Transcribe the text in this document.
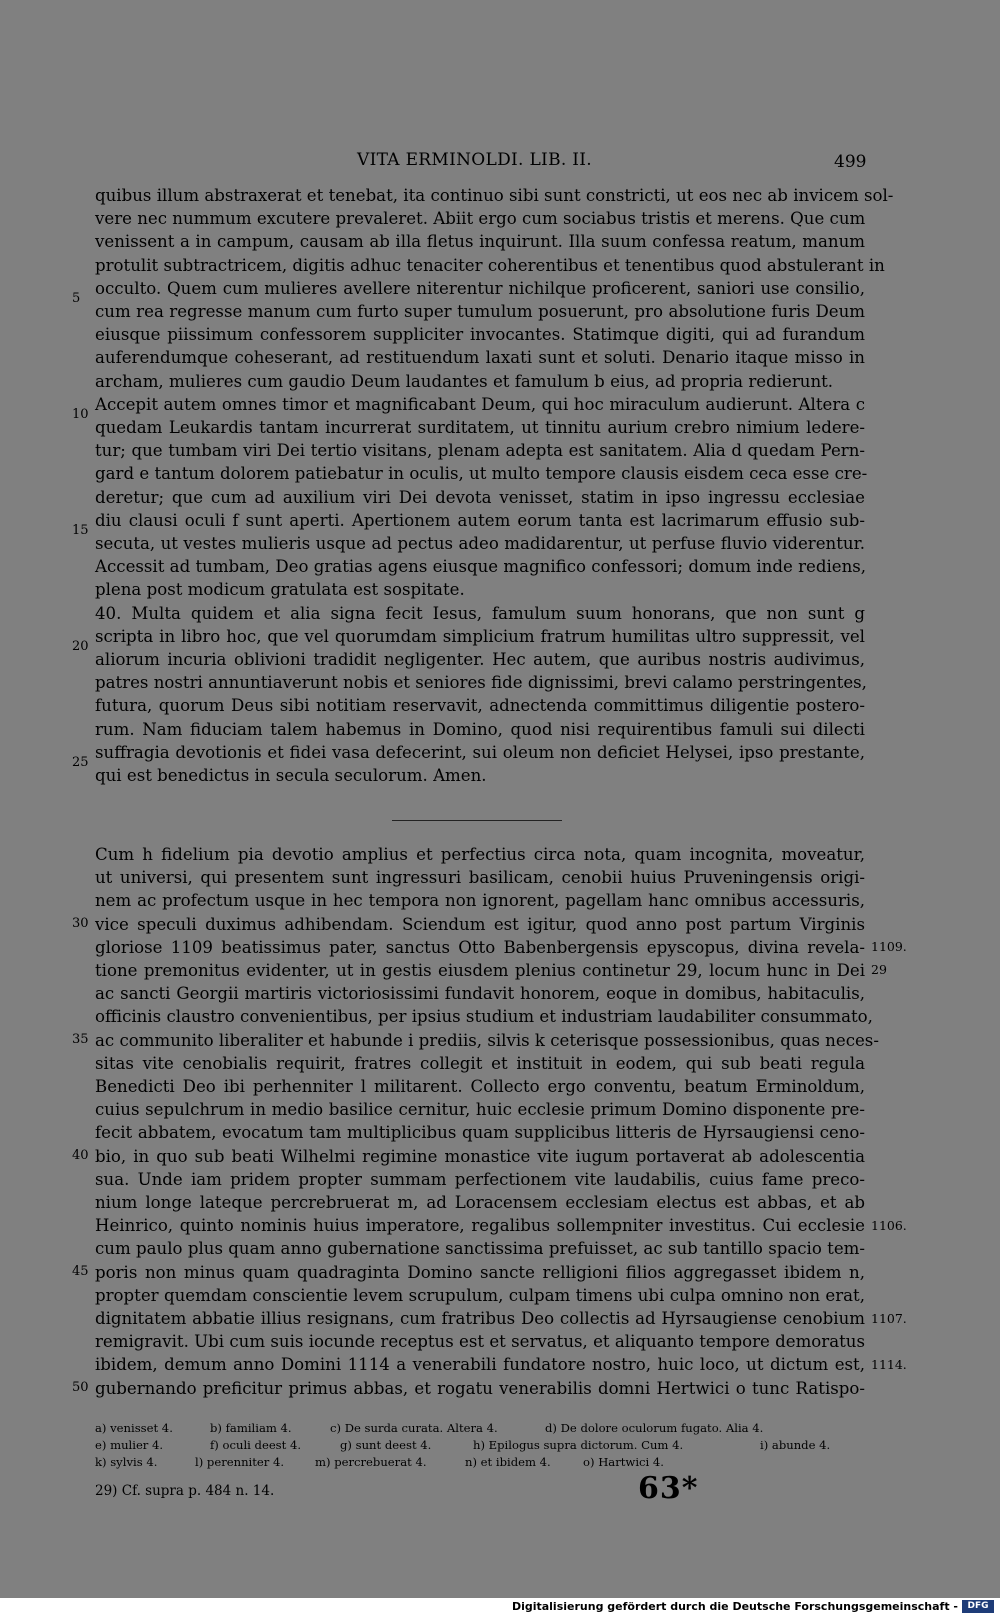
VITA ERMINOLDI. LIB. II.	499
quibus illum abstraxerat et tenebat, ita continuo sibi sunt constricti, ut eos nec ab invicem sol-
vere nec nummum excutere prevaleret. Abiit ergo cum sociabus tristis et merens. Que cum
venissent a in campum, causam ab illa fletus inquirunt. Illa suum confessa reatum, manum
protulit subtractricem, digitis adhuc tenaciter coherentibus et tenentibus quod abstulerant in
occulto. Quem cum mulieres avellere niterentur nichilque proficerent, saniori use consilio,
cum rea regresse manum cum furto super tumulum posuerunt, pro absolutione furis Deum
eiusque piissimum confessorem suppliciter invocantes. Statimque digiti, qui ad furandum
auferendumque coheserant, ad restituendum laxati sunt et soluti. Denario itaque misso in
archam, mulieres cum gaudio Deum laudantes et famulum b eius, ad propria redierunt.
Accepit autem omnes timor et magnificabant Deum, qui hoc miraculum audierunt. Altera c
quedam Leukardis tantam incurrerat surditatem, ut tinnitu aurium crebro nimium ledere-
tur; que tumbam viri Dei tertio visitans, plenam adepta est sanitatem. Alia d quedam Pern-
gard e tantum dolorem patiebatur in oculis, ut multo tempore clausis eisdem ceca esse cre-
deretur; que cum ad auxilium viri Dei devota venisset, statim in ipso ingressu ecclesiae
diu clausi oculi f sunt aperti. Apertionem autem eorum tanta est lacrimarum effusio sub-
secuta, ut vestes mulieris usque ad pectus adeo madidarentur, ut perfuse fluvio viderentur.
Accessit ad tumbam, Deo gratias agens eiusque magnifico confessori; domum inde rediens,
plena post modicum gratulata est sospitate.
40. Multa quidem et alia signa fecit Iesus, famulum suum honorans, que non sunt g
scripta in libro hoc, que vel quorumdam simplicium fratrum humilitas ultro suppressit, vel
aliorum incuria oblivioni tradidit negligenter. Hec autem, que auribus nostris audivimus,
patres nostri annuntiaverunt nobis et seniores fide dignissimi, brevi calamo perstringentes,
futura, quorum Deus sibi notitiam reservavit, adnectenda committimus diligentie postero-
rum. Nam fiduciam talem habemus in Domino, quod nisi requirentibus famuli sui dilecti
suffragia devotionis et fidei vasa defecerint, sui oleum non deficiet Helysei, ipso prestante,
qui est benedictus in secula seculorum. Amen.
Cum h fidelium pia devotio amplius et perfectius circa nota, quam incognita, moveatur,
ut universi, qui presentem sunt ingressuri basilicam, cenobii huius Pruveningensis origi-
nem ac profectum usque in hec tempora non ignorent, pagellam hanc omnibus accessuris,
vice speculi duximus adhibendam. Sciendum est igitur, quod anno post partum Virginis
gloriose 1109 beatissimus pater, sanctus Otto Babenbergensis epyscopus, divina revela-
tione premonitus evidenter, ut in gestis eiusdem plenius continetur 29, locum hunc in Dei
ac sancti Georgii martiris victoriosissimi fundavit honorem, eoque in domibus, habitaculis,
officinis claustro convenientibus, per ipsius studium et industriam laudabiliter consummato,
ac communito liberaliter et habunde i prediis, silvis k ceterisque possessionibus, quas neces-
sitas vite cenobialis requirit, fratres collegit et instituit in eodem, qui sub beati regula
Benedicti Deo ibi perhenniter l militarent. Collecto ergo conventu, beatum Erminoldum,
cuius sepulchrum in medio basilice cernitur, huic ecclesie primum Domino disponente pre-
fecit abbatem, evocatum tam multiplicibus quam supplicibus litteris de Hyrsaugiensi ceno-
bio, in quo sub beati Wilhelmi regimine monastice vite iugum portaverat ab adolescentia
sua. Unde iam pridem propter summam perfectionem vite laudabilis, cuius fame preco-
nium longe lateque percrebruerat m, ad Loracensem ecclesiam electus est abbas, et ab
Heinrico, quinto nominis huius imperatore, regalibus sollempniter investitus. Cui ecclesie
cum paulo plus quam anno gubernatione sanctissima prefuisset, ac sub tantillo spacio tem-
poris non minus quam quadraginta Domino sancte relligioni filios aggregasset ibidem n,
propter quemdam conscientie levem scrupulum, culpam timens ubi culpa omnino non erat,
dignitatem abbatie illius resignans, cum fratribus Deo collectis ad Hyrsaugiense cenobium
remigravit. Ubi cum suis iocunde receptus est et servatus, et aliquanto tempore demoratus
ibidem, demum anno Domini 1114 a venerabili fundatore nostro, huic loco, ut dictum est,
gubernando preficitur primus abbas, et rogatu venerabilis domni Hertwici o tunc Ratispo-
5
10
15
20
25
30
35
40
45
50
1109.
29
1106.
1107.
1114.
a) venisset 4.	b) familiam 4.	c) De surda curata. Altera 4.	d) De dolore oculorum fugato. Alia 4.
e) mulier 4.	f) oculi deest 4.	g) sunt deest 4.	h) Epilogus supra dictorum. Cum 4.	i) abunde 4.
k) sylvis 4.	l) perenniter 4.	m) percrebuerat 4.	n) et ibidem 4.	o) Hartwici 4.
29) Cf. supra p. 484 n. 14.	63*
Digitalisierung gefördert durch die Deutsche Forschungsgemeinschaft -	DFG
